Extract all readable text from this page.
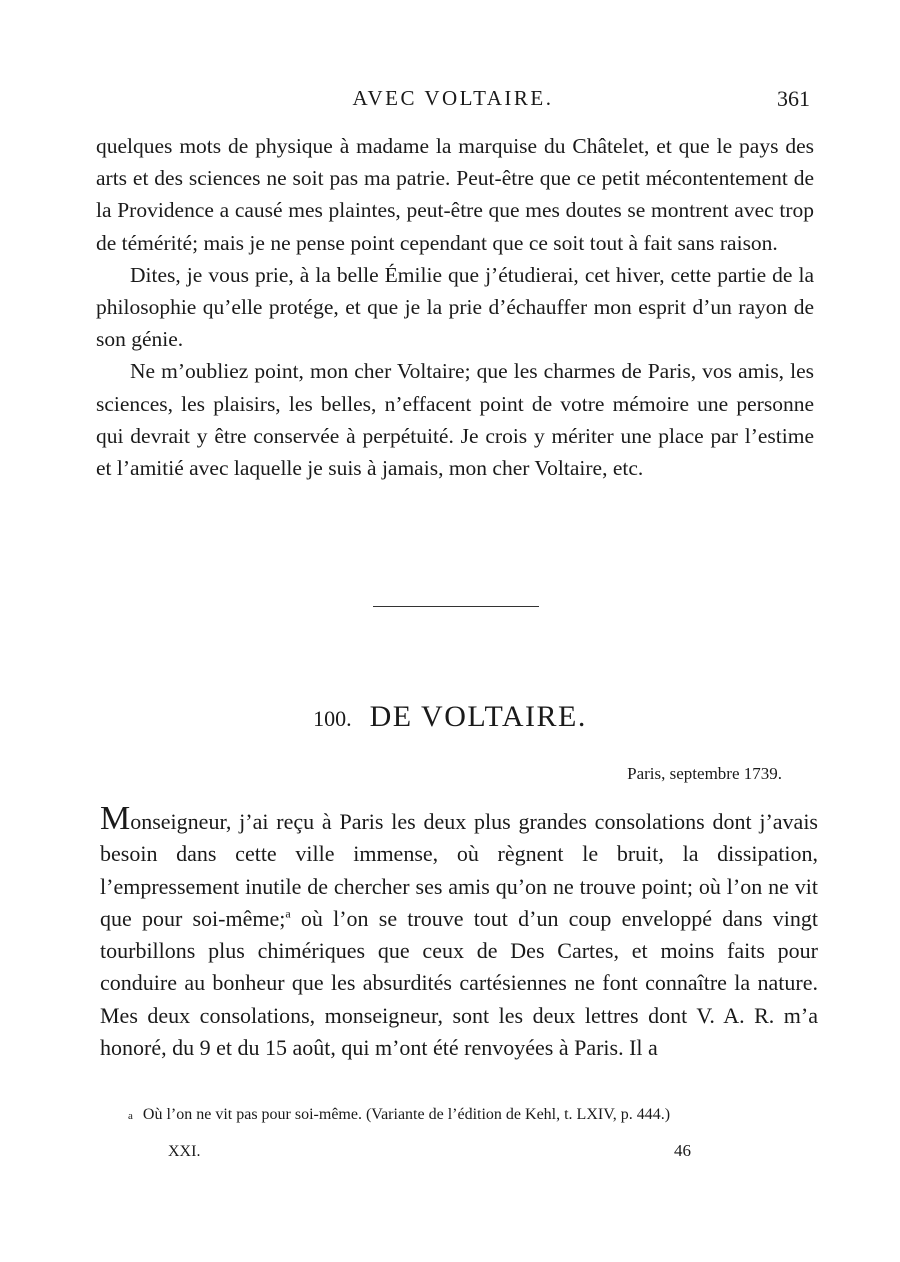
AVEC VOLTAIRE.	361

quelques mots de physique à madame la marquise du Châtelet, et que le pays des arts et des sciences ne soit pas ma patrie. Peut-être que ce petit mécontentement de la Providence a causé mes plaintes, peut-être que mes doutes se montrent avec trop de témérité; mais je ne pense point cependant que ce soit tout à fait sans raison.

Dites, je vous prie, à la belle Émilie que j’étudierai, cet hiver, cette partie de la philosophie qu’elle protége, et que je la prie d’échauffer mon esprit d’un rayon de son génie.

Ne m’oubliez point, mon cher Voltaire; que les charmes de Paris, vos amis, les sciences, les plaisirs, les belles, n’effacent point de votre mémoire une personne qui devrait y être conservée à perpétuité. Je crois y mériter une place par l’estime et l’amitié avec laquelle je suis à jamais, mon cher Voltaire, etc.

100. DE VOLTAIRE.
Paris, septembre 1739.

Monseigneur, j’ai reçu à Paris les deux plus grandes consolations dont j’avais besoin dans cette ville immense, où règnent le bruit, la dissipation, l’empressement inutile de chercher ses amis qu’on ne trouve point; où l’on ne vit que pour soi-même;$^a$ où l’on se trouve tout d’un coup enveloppé dans vingt tourbillons plus chimériques que ceux de Des Cartes, et moins faits pour conduire au bonheur que les absurdités cartésiennes ne font connaître la nature. Mes deux consolations, monseigneur, sont les deux lettres dont V. A. R. m’a honoré, du 9 et du 15 août, qui m’ont été renvoyées à Paris. Il a

a Où l’on ne vit pas pour soi-même. (Variante de l’édition de Kehl, t. LXIV, p. 444.)
XXI.	46
